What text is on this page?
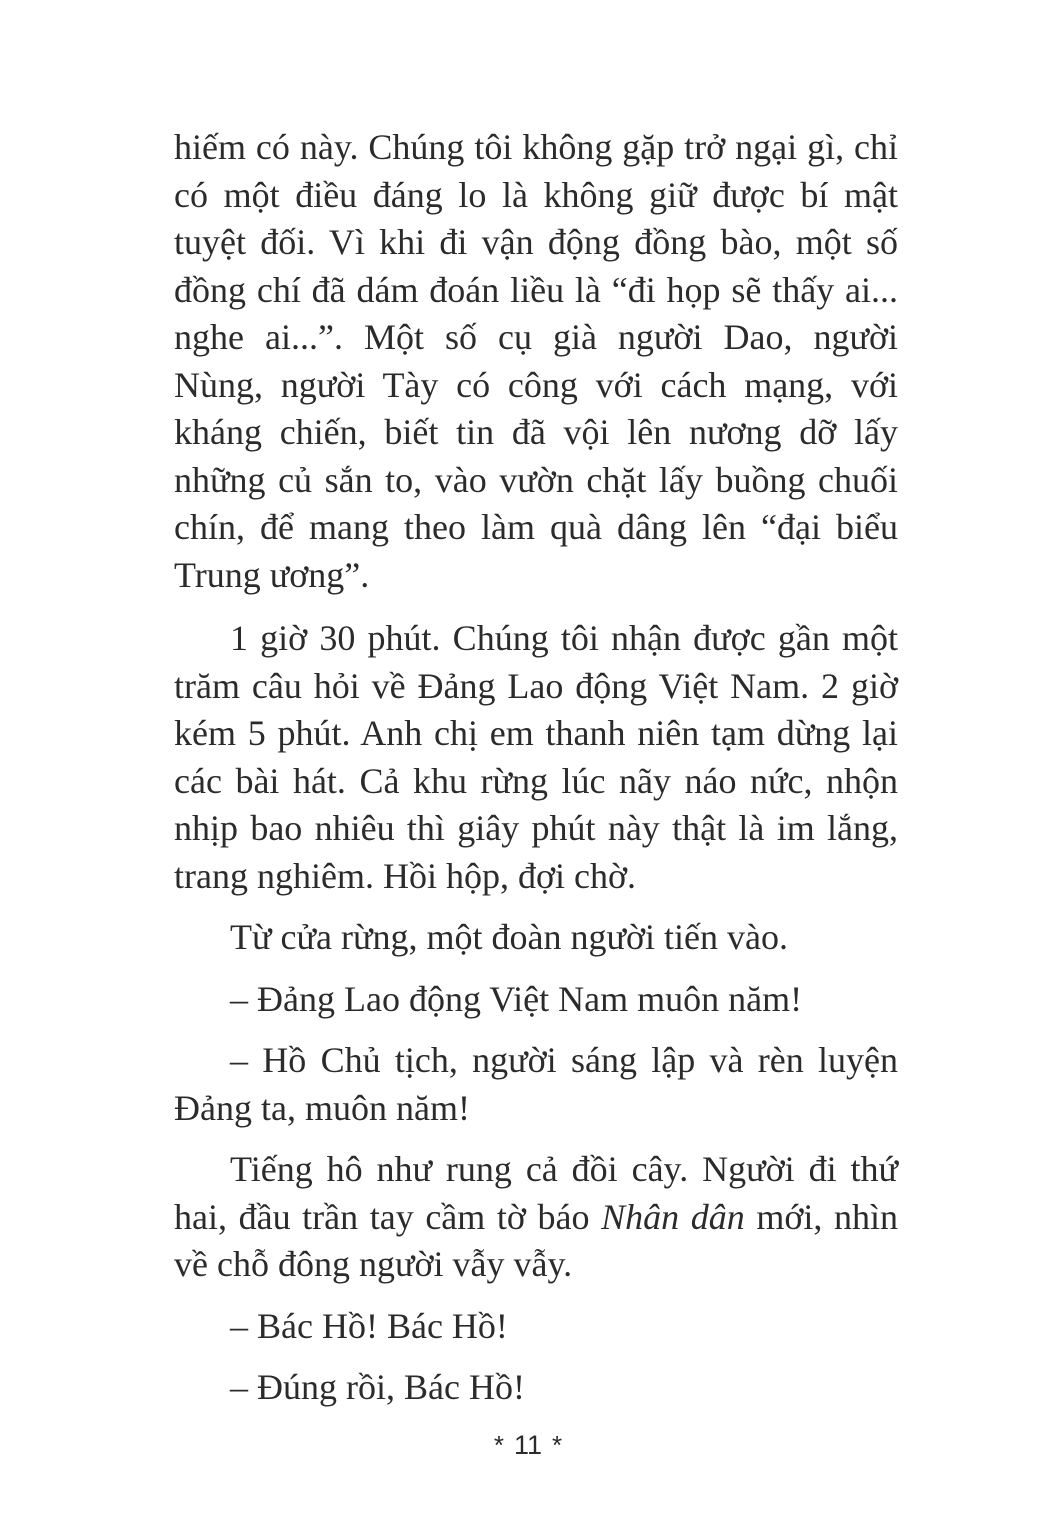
hiếm có này. Chúng tôi không gặp trở ngại gì, chỉ có một điều đáng lo là không giữ được bí mật tuyệt đối. Vì khi đi vận động đồng bào, một số đồng chí đã dám đoán liều là “đi họp sẽ thấy ai... nghe ai...”. Một số cụ già người Dao, người Nùng, người Tày có công với cách mạng, với kháng chiến, biết tin đã vội lên nương dỡ lấy những củ sắn to, vào vườn chặt lấy buồng chuối chín, để mang theo làm quà dâng lên “đại biểu Trung ương”.

1 giờ 30 phút. Chúng tôi nhận được gần một trăm câu hỏi về Đảng Lao động Việt Nam. 2 giờ kém 5 phút. Anh chị em thanh niên tạm dừng lại các bài hát. Cả khu rừng lúc nãy náo nức, nhộn nhịp bao nhiêu thì giây phút này thật là im lắng, trang nghiêm. Hồi hộp, đợi chờ.

Từ cửa rừng, một đoàn người tiến vào.

– Đảng Lao động Việt Nam muôn năm!

– Hồ Chủ tịch, người sáng lập và rèn luyện Đảng ta, muôn năm!

Tiếng hô như rung cả đồi cây. Người đi thứ hai, đầu trần tay cầm tờ báo Nhân dân mới, nhìn về chỗ đông người vẫy vẫy.

– Bác Hồ! Bác Hồ!

– Đúng rồi, Bác Hồ!

* 11 *
